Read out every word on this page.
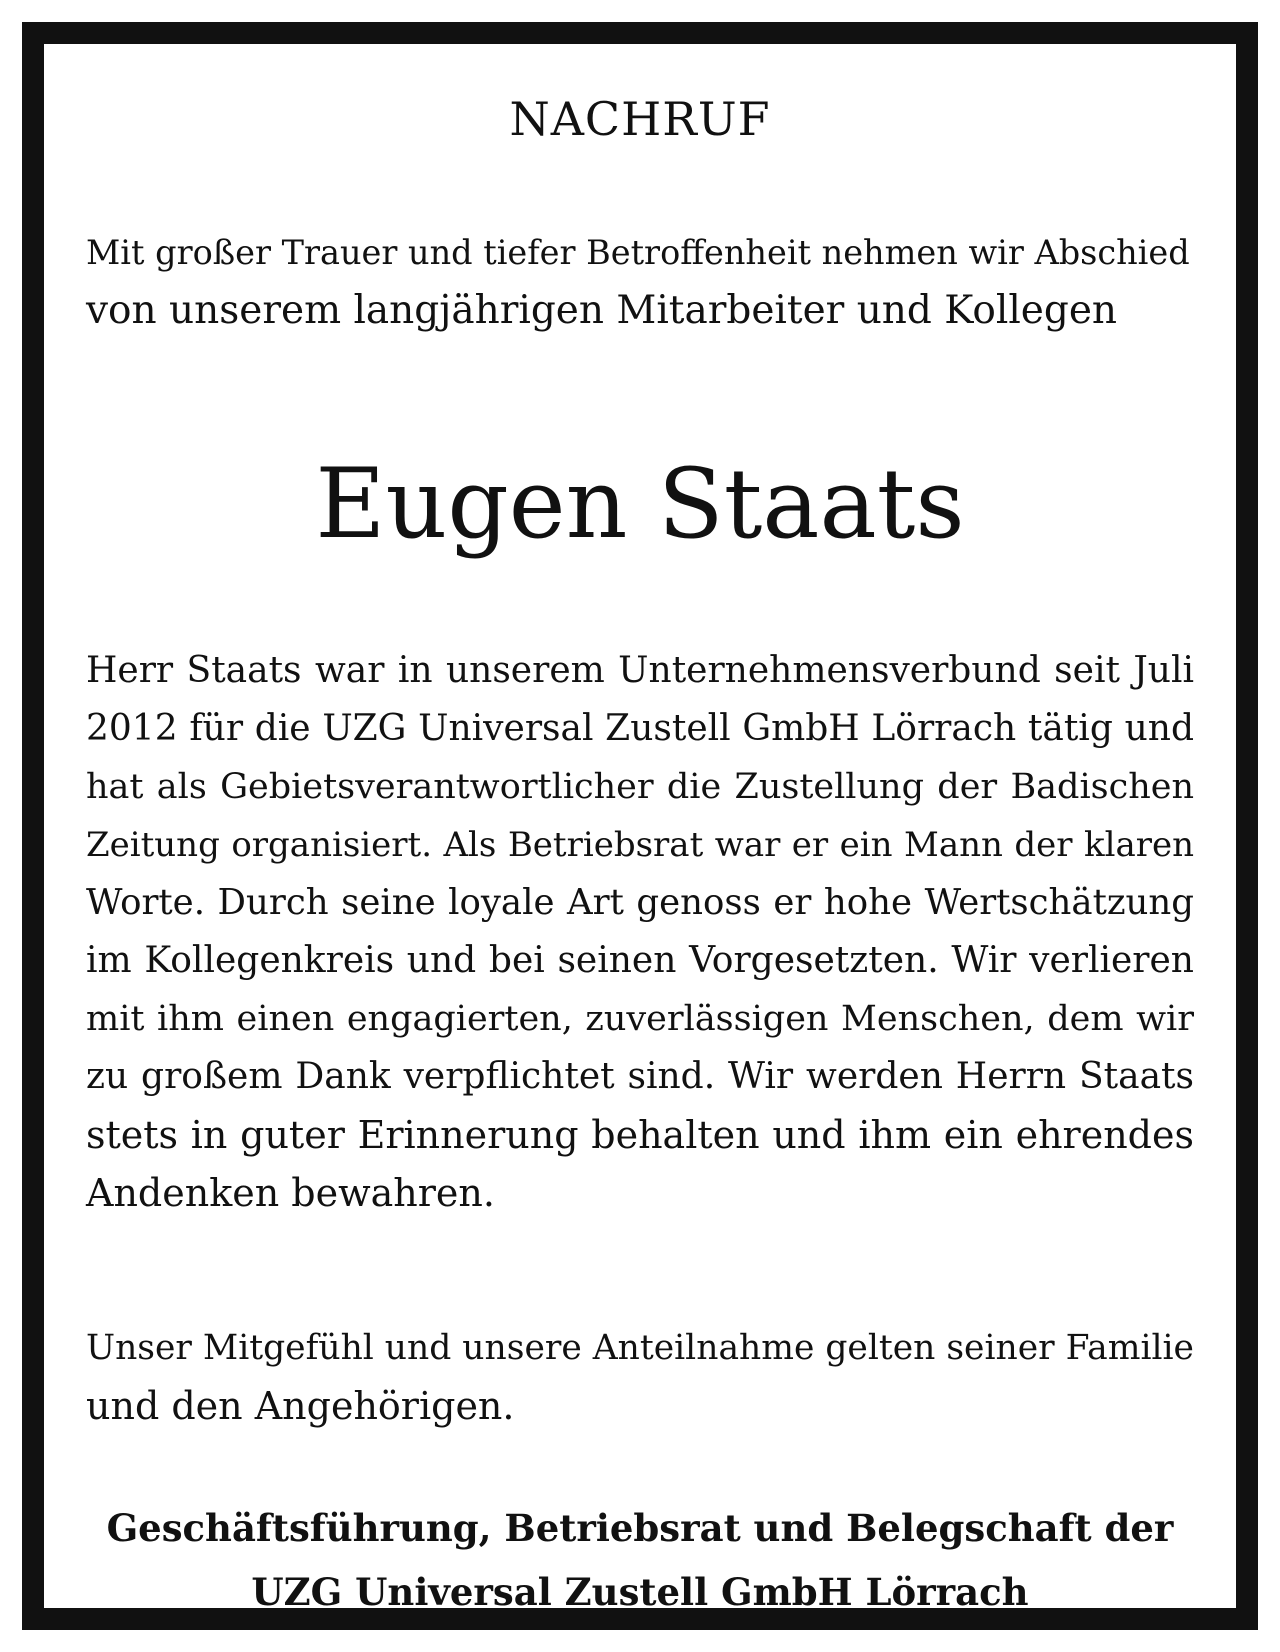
NACHRUF
Mit großer Trauer und tiefer Betroffenheit nehmen wir Abschied
von unserem langjährigen Mitarbeiter und Kollegen
Eugen Staats
Herr Staats war in unserem Unternehmensverbund seit Juli
2012 für die UZG Universal Zustell GmbH Lörrach tätig und
hat als Gebietsverantwortlicher die Zustellung der Badischen
Zeitung organisiert. Als Betriebsrat war er ein Mann der klaren
Worte. Durch seine loyale Art genoss er hohe Wertschätzung
im Kollegenkreis und bei seinen Vorgesetzten. Wir verlieren
mit ihm einen engagierten, zuverlässigen Menschen, dem wir
zu großem Dank verpflichtet sind. Wir werden Herrn Staats
stets in guter Erinnerung behalten und ihm ein ehrendes
Andenken bewahren.
Unser Mitgefühl und unsere Anteilnahme gelten seiner Familie
und den Angehörigen.
Geschäftsführung, Betriebsrat und Belegschaft der
UZG Universal Zustell GmbH Lörrach
